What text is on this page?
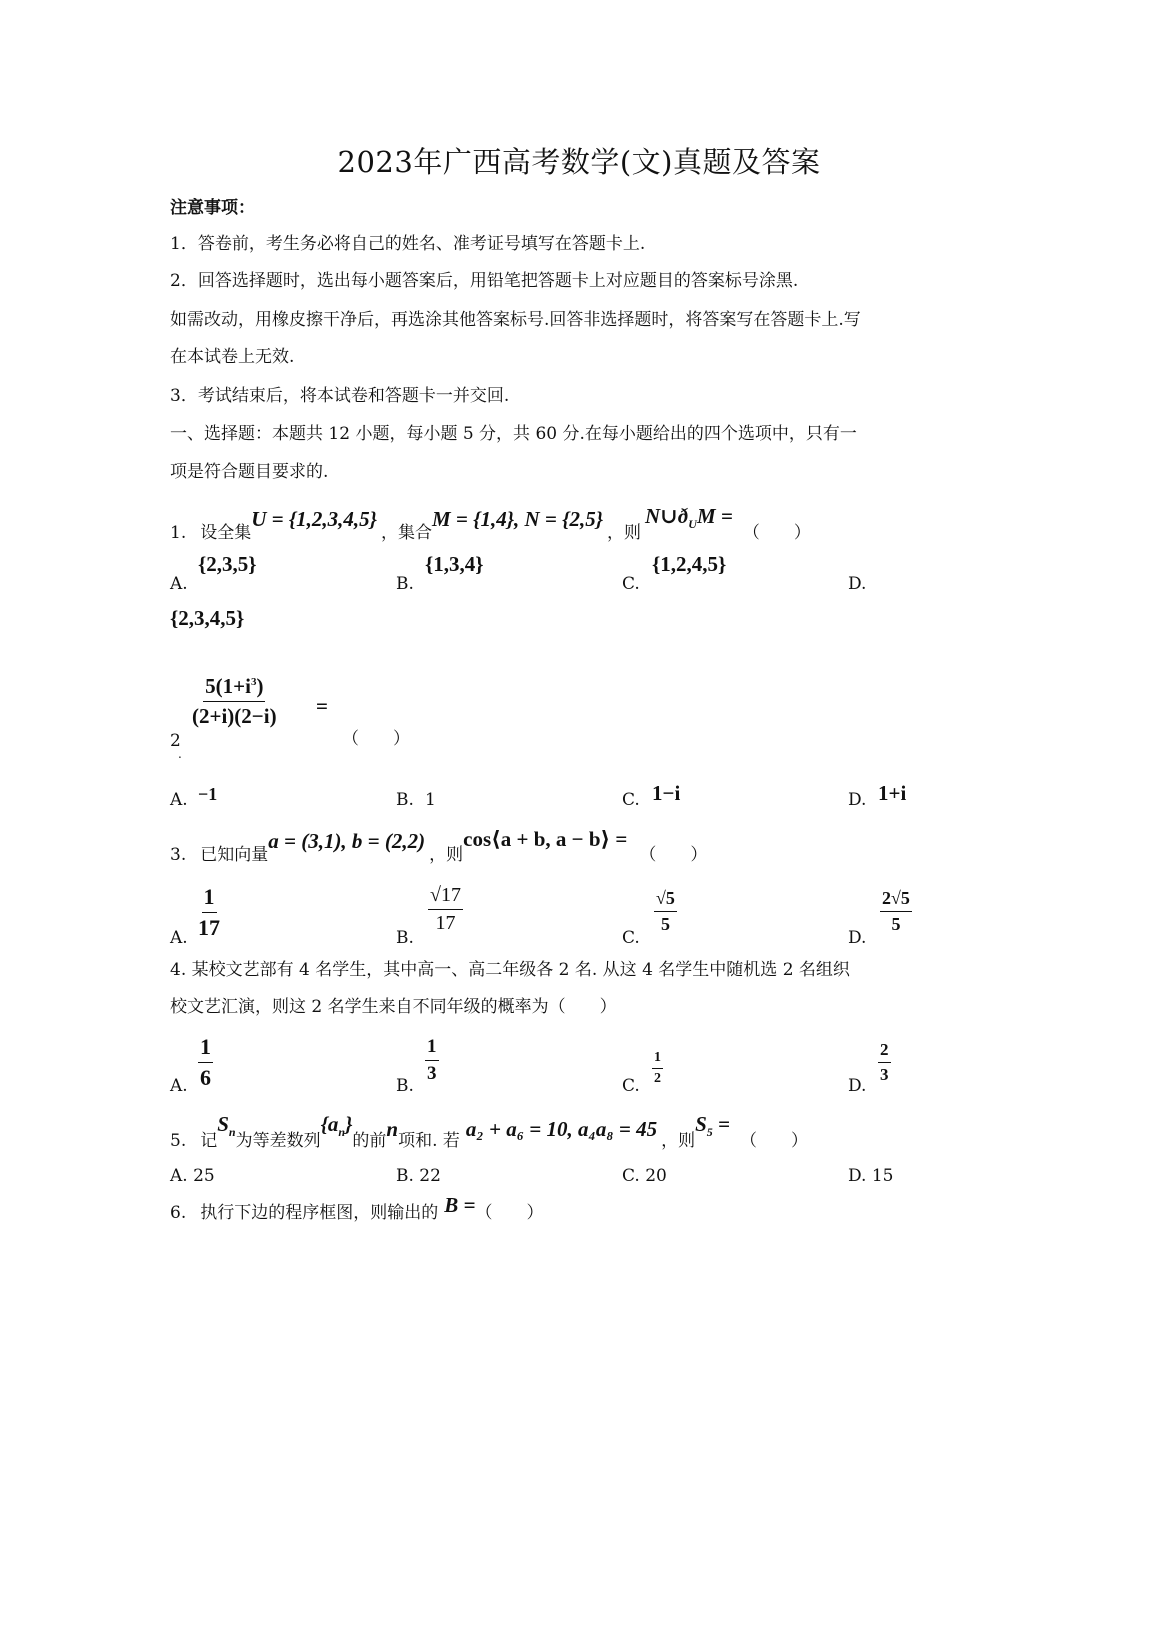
2023年广西高考数学(文)真题及答案
注意事项：
1．答卷前，考生务必将自己的姓名、准考证号填写在答题卡上.
2．回答选择题时，选出每小题答案后，用铅笔把答题卡上对应题目的答案标号涂黑.
如需改动，用橡皮擦干净后，再选涂其他答案标号.回答非选择题时，将答案写在答题卡上.写
在本试卷上无效.
3．考试结束后，将本试卷和答题卡一并交回.
一、选择题：本题共 12 小题，每小题 5 分，共 60 分.在每小题给出的四个选项中，只有一
项是符合题目要求的.
1. 设全集
U = {1,2,3,4,5}
，集合
M = {1,4}, N = {2,5}
，则
$N\cup ð_UM$ =
（　　）
A.
{2,3,5}
B.
{1,3,4}
C.
{1,2,4,5}
D.
{2,3,4,5}
2
.
$\frac{5(1+i^3)}{(2+i)(2-i)}$ =
（　　）
A. −1	B. 1	C. 1−i	D. 1+i
3. 已知向量
a = (3,1), b = (2,2)
，则
cos⟨a + b, a − b⟩ =
（　　）
A. $\frac{1}{17}$	B.
$\frac{√17}{17}$
C.
$\frac{√5}{5}$
D.
$\frac{2√5}{5}$
4. 某校文艺部有 4 名学生，其中高一、高二年级各 2 名. 从这 4 名学生中随机选 2 名组织
校文艺汇演，则这 2 名学生来自不同年级的概率为（　　）
A. $\frac{1}{6}$	B.
$\frac{1}{3}$
C. $\frac{1}{2}$	D.
$\frac{2}{3}$
5. 记
$S_n$ 为等差数列
$\{a_n\}$
的前 n 项和. 若 a₂ + a₆ = 10, a₄a₈ = 45 ，则
$S_5$ =
（　　）
A. 25	B. 22	C. 20	D. 15
6. 执行下边的程序框图，则输出的 B = （　　）
